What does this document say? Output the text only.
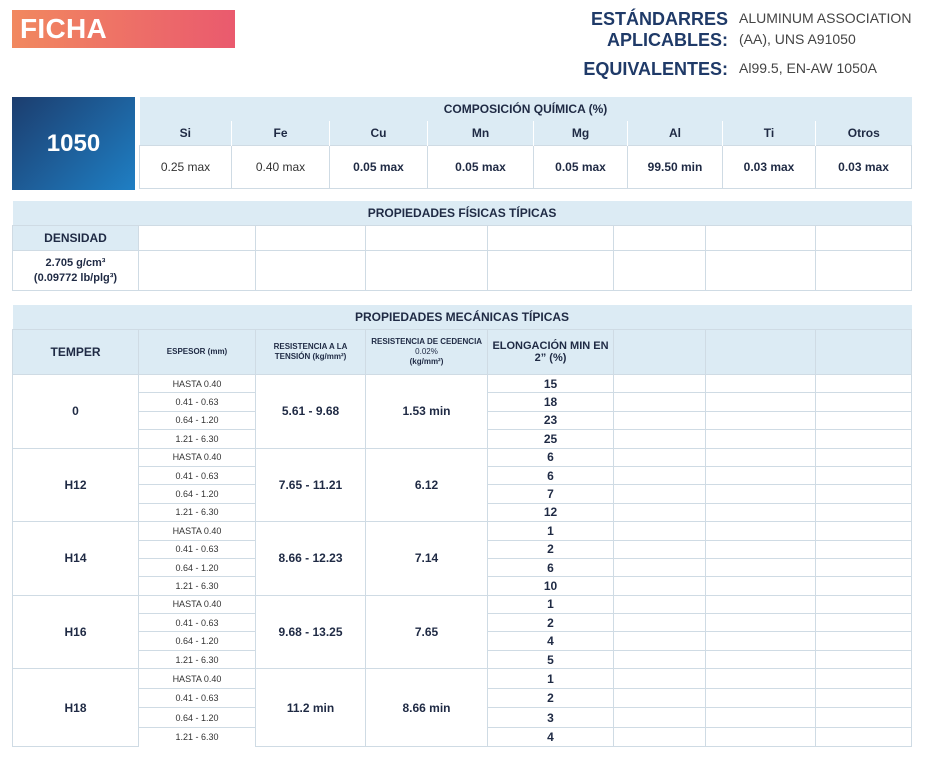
FICHA TÉCNICA
ESTÁNDARRES APLICABLES:
ALUMINUM ASSOCIATION (AA), UNS A91050
EQUIVALENTES: Al99.5, EN-AW 1050A
1050
COMPOSICIÓN QUÍMICA (%)							
Si	Fe	Cu	Mn	Mg	Al	Ti	Otros
0.25 max	0.40 max	0.05 max	0.05 max	0.05 max	99.50 min	0.03 max	0.03 max
PROPIEDADES FÍSICAS TÍPICAS							
DENSIDAD							

2.705 g/cm³
(0.09772 lb/plg³)							

PROPIEDADES MECÁNICAS TÍPICAS							
TEMPER	ESPESOR (mm)	RESISTENCIA A LA TENSIÓN (kg/mm²)	RESISTENCIA DE CEDENCIA 0.02%
(kg/mm²)	ELONGACIÓN MIN EN 2” (%)			
0	HASTA 0.40	5.61 - 9.68	1.53 min	15			
	0.41 - 0.63			18			
	0.64 - 1.20			23			
	1.21 - 6.30			25			
H12	HASTA 0.40	7.65 - 11.21	6.12	6			
	0.41 - 0.63			6			
	0.64 - 1.20			7			
	1.21 - 6.30			12			
H14	HASTA 0.40	8.66 - 12.23	7.14	1			
	0.41 - 0.63			2			
	0.64 - 1.20			6			
	1.21 - 6.30			10			
H16	HASTA 0.40	9.68 - 13.25	7.65	1			
	0.41 - 0.63			2			
	0.64 - 1.20			4			
	1.21 - 6.30			5			
H18	HASTA 0.40	11.2 min	8.66 min	1			
	0.41 - 0.63			2			
	0.64 - 1.20			3			
	1.21 - 6.30			4			
